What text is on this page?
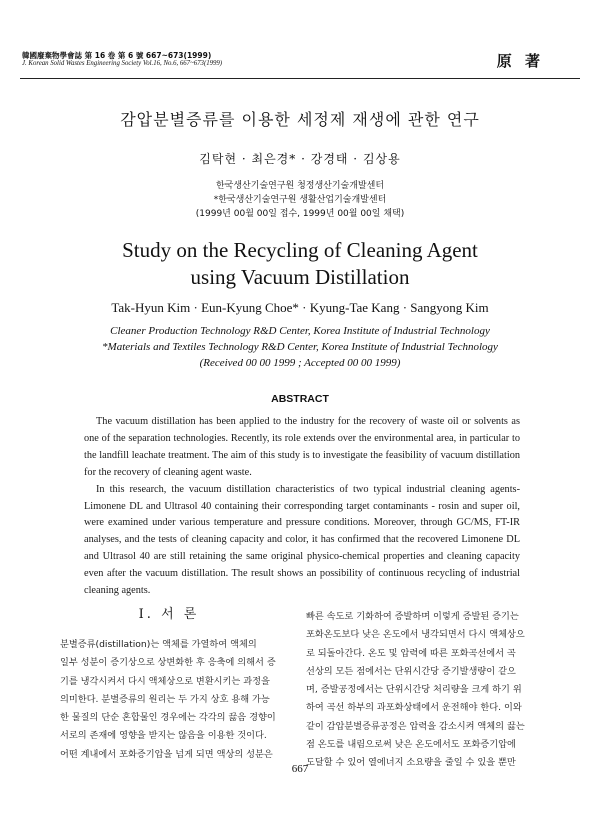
韓國廢棄物學會誌 第 16 卷 第 6 號 667~673(1999)
J. Korean Solid Wastes Engineering Society Vol.16, No.6, 667~673(1999)	原 著
감압분별증류를 이용한 세정제 재생에 관한 연구
김탁현 · 최은경* · 강경태 · 김상용
한국생산기술연구원 청정생산기술개발센터
*한국생산기술연구원 생활산업기술개발센터
(1999년 00월 00일 접수, 1999년 00월 00일 채택)
Study on the Recycling of Cleaning Agent
using Vacuum Distillation
Tak-Hyun Kim · Eun-Kyung Choe* · Kyung-Tae Kang · Sangyong Kim
Cleaner Production Technology R&D Center, Korea Institute of Industrial Technology
*Materials and Textiles Technology R&D Center, Korea Institute of Industrial Technology
(Received 00 00 1999 ; Accepted 00 00 1999)
ABSTRACT

The vacuum distillation has been applied to the industry for the recovery of waste oil or solvents as one of the separation technologies. Recently, its role extends over the environmental area, in particular to the landfill leachate treatment. The aim of this study is to investigate the feasibility of vacuum distillation for the recovery of cleaning agent waste.

In this research, the vacuum distillation characteristics of two typical industrial cleaning agents-Limonene DL and Ultrasol 40 containing their corresponding target contaminants - rosin and super oil, were examined under various temperature and pressure conditions. Moreover, through GC/MS, FT-IR analyses, and the tests of cleaning capacity and color, it has confirmed that the recovered Limonene DL and Ultrasol 40 are still retaining the same original physico-chemical properties and cleaning capacity even after the vacuum distillation. The result shows an possibility of continuous recycling of industrial cleaning agents.

I. 서 론
분별증류(distillation)는 액체를 가열하여 액체의
일부 성분이 증기상으로 상변화한 후 응축에 의해서 증
기를 냉각시켜서 다시 액체상으로 변환시키는 과정을
의미한다. 분별증류의 원리는 두 가지 상호 용해 가능
한 물질의 단순 혼합물인 경우에는 각각의 끓음 경향이
서로의 존재에 영향을 받지는 않음을 이용한 것이다.
어떤 계내에서 포화증기압을 넘게 되면 액상의 성분은
빠른 속도로 기화하여 증발하며 이렇게 증발된 증기는
포화온도보다 낮은 온도에서 냉각되면서 다시 액체상으
로 되돌아간다. 온도 및 압력에 따른 포화곡선에서 곡
선상의 모든 점에서는 단위시간당 증기발생량이 같으
며, 증발공정에서는 단위시간당 처리량을 크게 하기 위
하여 곡선 하부의 과포화상태에서 운전해야 한다. 이와
같이 감압분별증류공정은 압력을 감소시켜 액체의 끓는
점 온도를 내림으로써 낮은 온도에서도 포화증기압에
도달할 수 있어 열에너지 소요량을 줄일 수 있을 뿐만
667
